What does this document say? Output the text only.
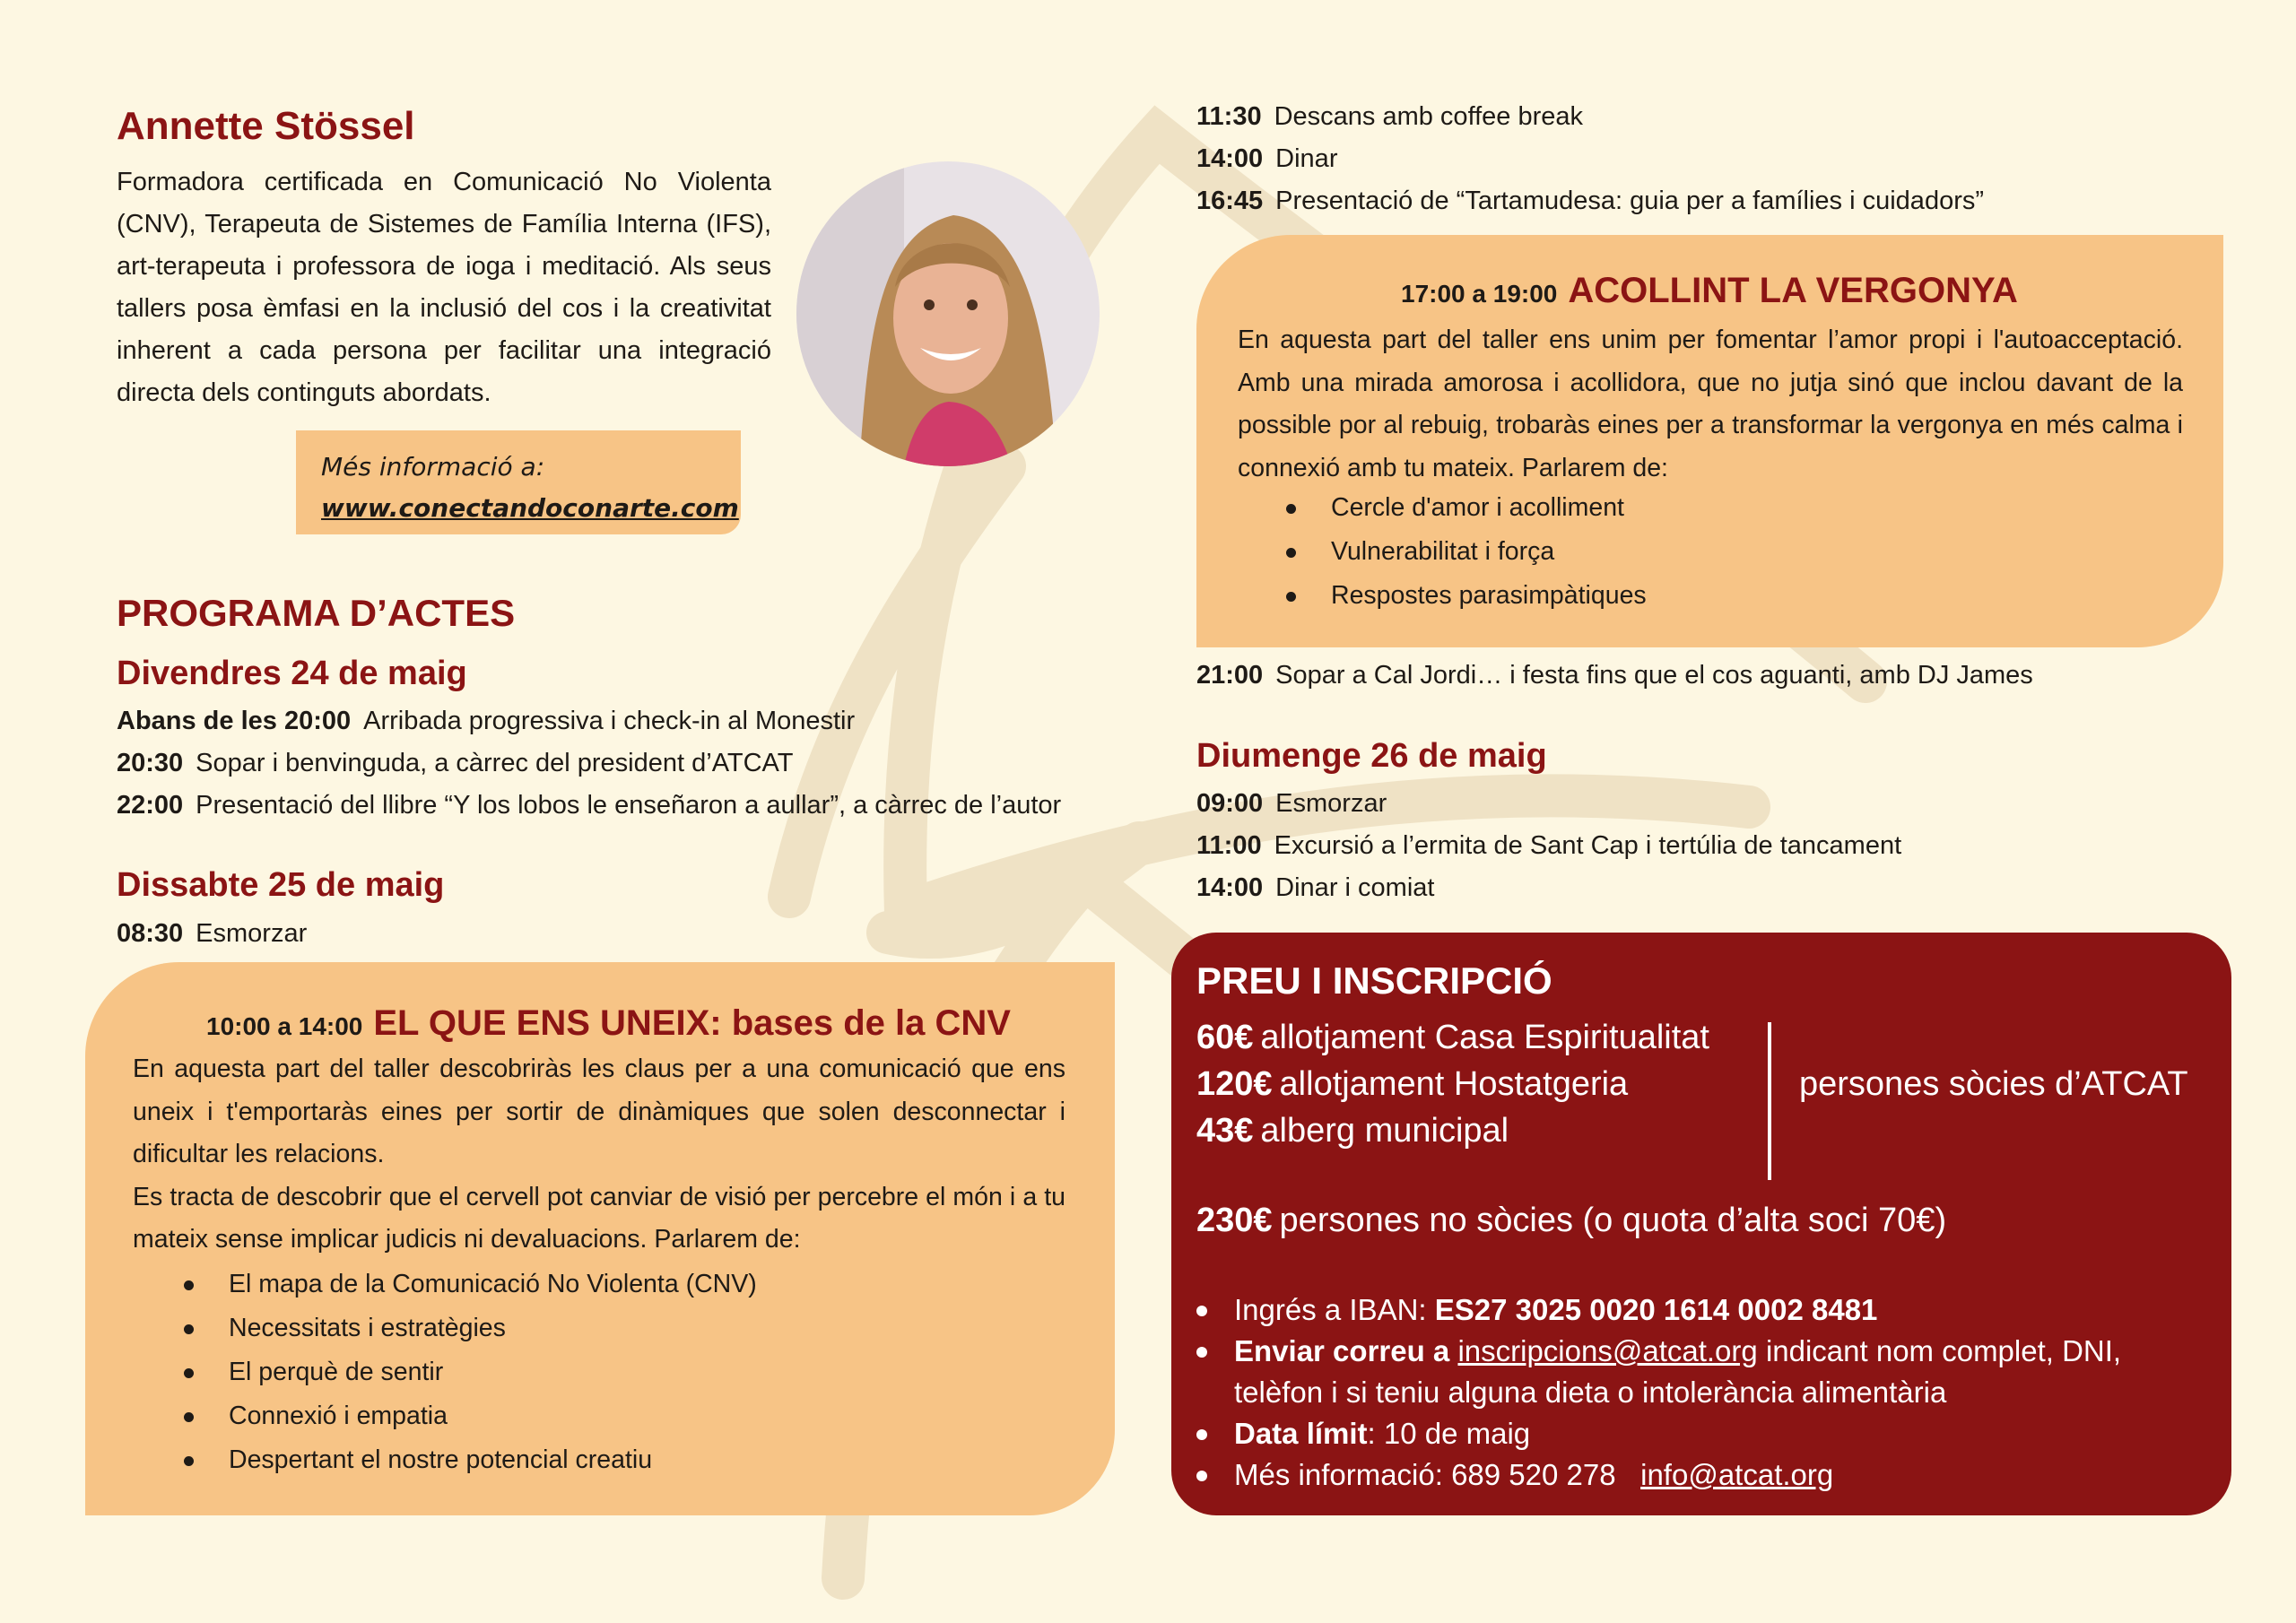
Annette Stössel
Formadora certificada en Comunicació No Violenta (CNV), Terapeuta de Sistemes de Família Interna (IFS), art-terapeuta i professora de ioga i meditació. Als seus tallers posa èmfasi en la inclusió del cos i la creativitat inherent a cada persona per facilitar una integració directa dels continguts abordats.
Més informació a:
www.conectandoconarte.com
PROGRAMA D’ACTES
Divendres 24 de maig
Abans de les 20:00 Arribada progressiva i check-in al Monestir
20:30 Sopar i benvinguda, a càrrec del president d’ATCAT
22:00 Presentació del llibre “Y los lobos le enseñaron a aullar”, a càrrec de l’autor
Dissabte 25 de maig
08:30 Esmorzar
10:00 a 14:00 EL QUE ENS UNEIX: bases de la CNV
En aquesta part del taller descobriràs les claus per a una comunicació que ens uneix i t'emportaràs eines per sortir de dinàmiques que solen desconnectar i dificultar les relacions.
Es tracta de descobrir que el cervell pot canviar de visió per percebre el món i a tu mateix sense implicar judicis ni devaluacions. Parlarem de:
El mapa de la Comunicació No Violenta (CNV)
Necessitats i estratègies
El perquè de sentir
Connexió i empatia
Despertant el nostre potencial creatiu
11:30 Descans amb coffee break
14:00 Dinar
16:45 Presentació de “Tartamudesa: guia per a famílies i cuidadors”
17:00 a 19:00 ACOLLINT LA VERGONYA
En aquesta part del taller ens unim per fomentar l’amor propi i l'autoacceptació. Amb una mirada amorosa i acollidora, que no jutja sinó que inclou davant de la possible por al rebuig, trobaràs eines per a transformar la vergonya en més calma i connexió amb tu mateix. Parlarem de:
Cercle d'amor i acolliment
Vulnerabilitat i força
Respostes parasimpàtiques
21:00 Sopar a Cal Jordi… i festa fins que el cos aguanti, amb DJ James
Diumenge 26 de maig
09:00 Esmorzar
11:00 Excursió a l’ermita de Sant Cap i tertúlia de tancament
14:00 Dinar i comiat
PREU I INSCRIPCIÓ
60€ allotjament Casa Espiritualitat
120€ allotjament Hostatgeria
43€ alberg municipal
persones sòcies d’ATCAT
230€ persones no sòcies (o quota d’alta soci 70€)
Ingrés a IBAN: ES27 3025 0020 1614 0002 8481
Enviar correu a inscripcions@atcat.org indicant nom complet, DNI, telèfon i si teniu alguna dieta o intolerància alimentària
Data límit: 10 de maig
Més informació: 689 520 278 info@atcat.org
